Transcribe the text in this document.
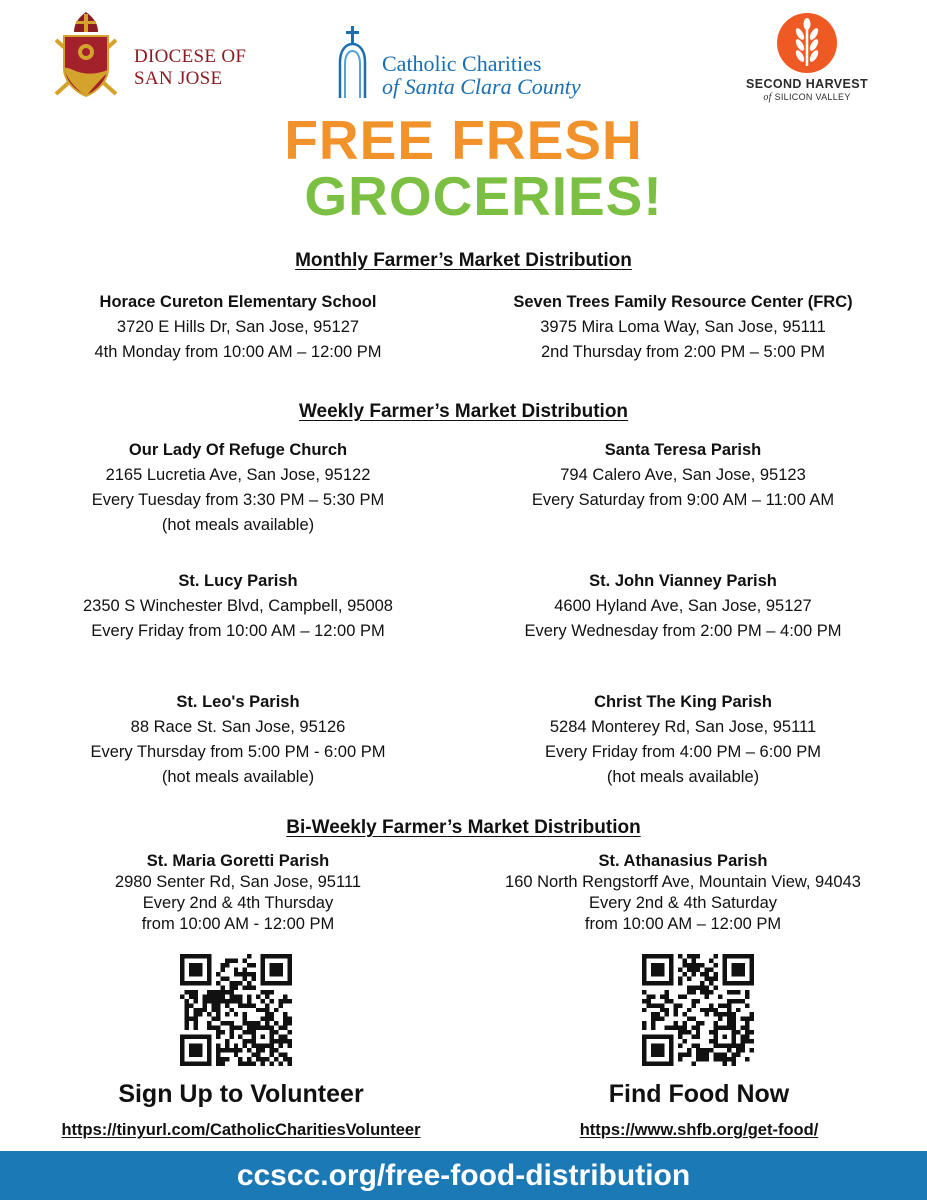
DIOCESE OF
SAN JOSE
Catholic Charities
of Santa Clara County	SECOND HARVEST
of SILICON VALLEY
FREE FRESH
GROCERIES!
Monthly Farmer’s Market Distribution
Horace Cureton Elementary School
3720 E Hills Dr, San Jose, 95127
4th Monday from 10:00 AM – 12:00 PM
Seven Trees Family Resource Center (FRC)
3975 Mira Loma Way, San Jose, 95111
2nd Thursday from 2:00 PM – 5:00 PM
Weekly Farmer’s Market Distribution
Our Lady Of Refuge Church
2165 Lucretia Ave, San Jose, 95122
Every Tuesday from 3:30 PM – 5:30 PM
(hot meals available)
Santa Teresa Parish
794 Calero Ave, San Jose, 95123
Every Saturday from 9:00 AM – 11:00 AM
St. Lucy Parish
2350 S Winchester Blvd, Campbell, 95008
Every Friday from 10:00 AM – 12:00 PM
St. John Vianney Parish
4600 Hyland Ave, San Jose, 95127
Every Wednesday from 2:00 PM – 4:00 PM
St. Leo's Parish
88 Race St. San Jose, 95126
Every Thursday from 5:00 PM - 6:00 PM
(hot meals available)
Christ The King Parish
5284 Monterey Rd, San Jose, 95111
Every Friday from 4:00 PM – 6:00 PM
(hot meals available)
Bi-Weekly Farmer’s Market Distribution
St. Maria Goretti Parish
2980 Senter Rd, San Jose, 95111
Every 2nd & 4th Thursday
from 10:00 AM - 12:00 PM
St. Athanasius Parish
160 North Rengstorff Ave, Mountain View, 94043
Every 2nd & 4th Saturday
from 10:00 AM – 12:00 PM
Sign Up to Volunteer
https://tinyurl.com/CatholicCharitiesVolunteer
Find Food Now
https://www.shfb.org/get-food/
ccscc.org/free-food-distribution
